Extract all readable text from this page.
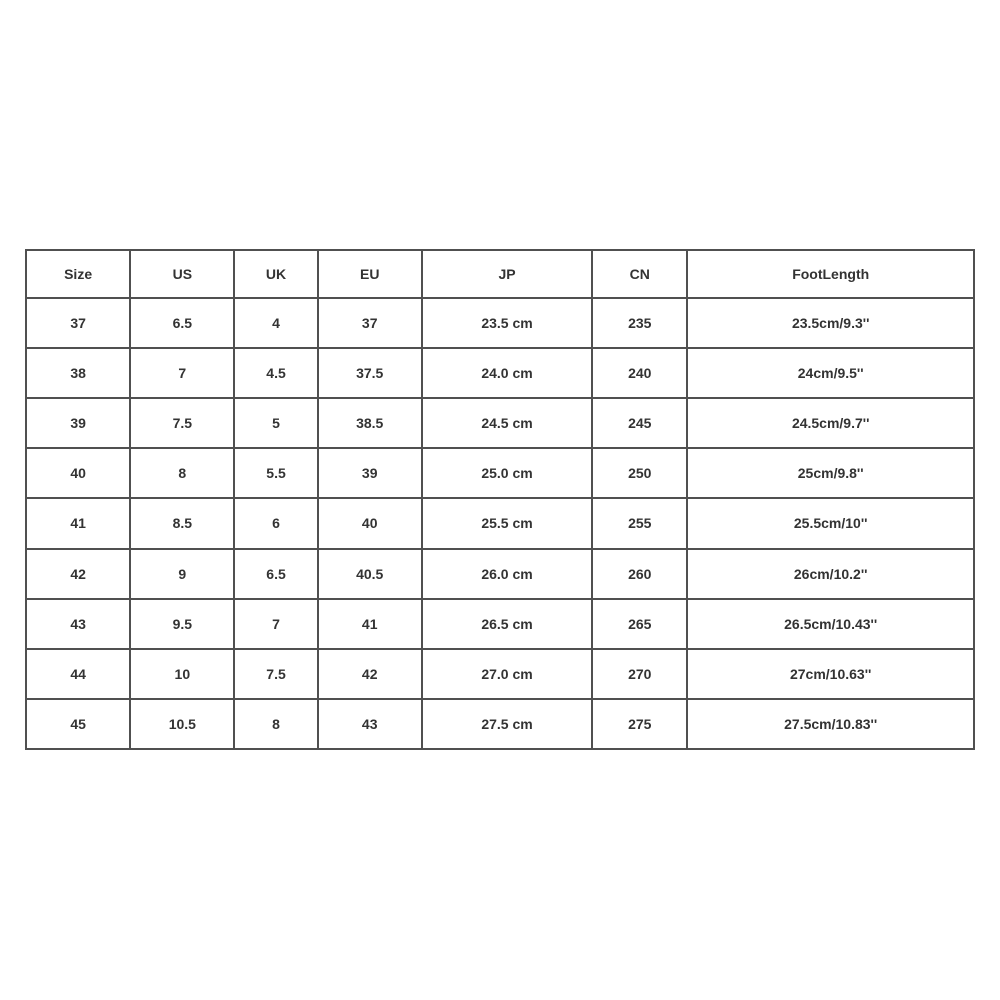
Size	US	UK	EU	JP	CN	FootLength
37	6.5	4	37	23.5 cm	235	23.5cm/9.3''
38	7	4.5	37.5	24.0 cm	240	24cm/9.5''
39	7.5	5	38.5	24.5 cm	245	24.5cm/9.7''
40	8	5.5	39	25.0 cm	250	25cm/9.8''
41	8.5	6	40	25.5 cm	255	25.5cm/10''
42	9	6.5	40.5	26.0 cm	260	26cm/10.2''
43	9.5	7	41	26.5 cm	265	26.5cm/10.43''
44	10	7.5	42	27.0 cm	270	27cm/10.63''
45	10.5	8	43	27.5 cm	275	27.5cm/10.83''
